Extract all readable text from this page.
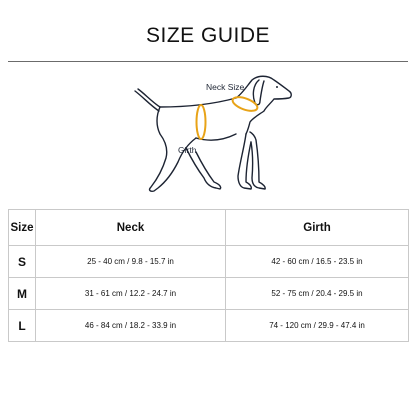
SIZE GUIDE
Neck Size
Girth
Size	Neck	Girth
S	25 - 40 cm / 9.8 - 15.7 in	42 - 60 cm / 16.5 - 23.5 in
M	31 - 61 cm / 12.2 - 24.7 in	52 - 75 cm / 20.4 - 29.5 in
L	46 - 84 cm / 18.2 - 33.9 in	74 - 120 cm / 29.9 - 47.4 in
